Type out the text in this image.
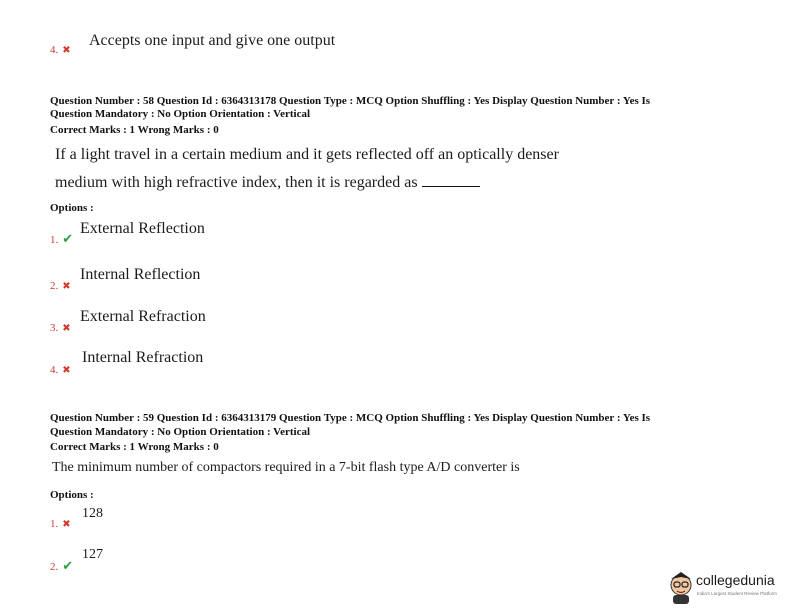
4. ✖
Accepts one input and give one output
Question Number : 58 Question Id : 6364313178 Question Type : MCQ Option Shuffling : Yes Display Question Number : Yes Is
Question Mandatory : No Option Orientation : Vertical
Correct Marks : 1 Wrong Marks : 0
If a light travel in a certain medium and it gets reflected off an optically denser
medium with high refractive index, then it is regarded as
Options :
1. ✔
External Reflection
2. ✖
Internal Reflection
3. ✖
External Refraction
4. ✖
Internal Refraction
Question Number : 59 Question Id : 6364313179 Question Type : MCQ Option Shuffling : Yes Display Question Number : Yes Is
Question Mandatory : No Option Orientation : Vertical
Correct Marks : 1 Wrong Marks : 0
The minimum number of compactors required in a 7-bit flash type A/D converter is
Options :
1. ✖
128
2. ✔
127
collegedunia
India's Largest Student Review Platform
